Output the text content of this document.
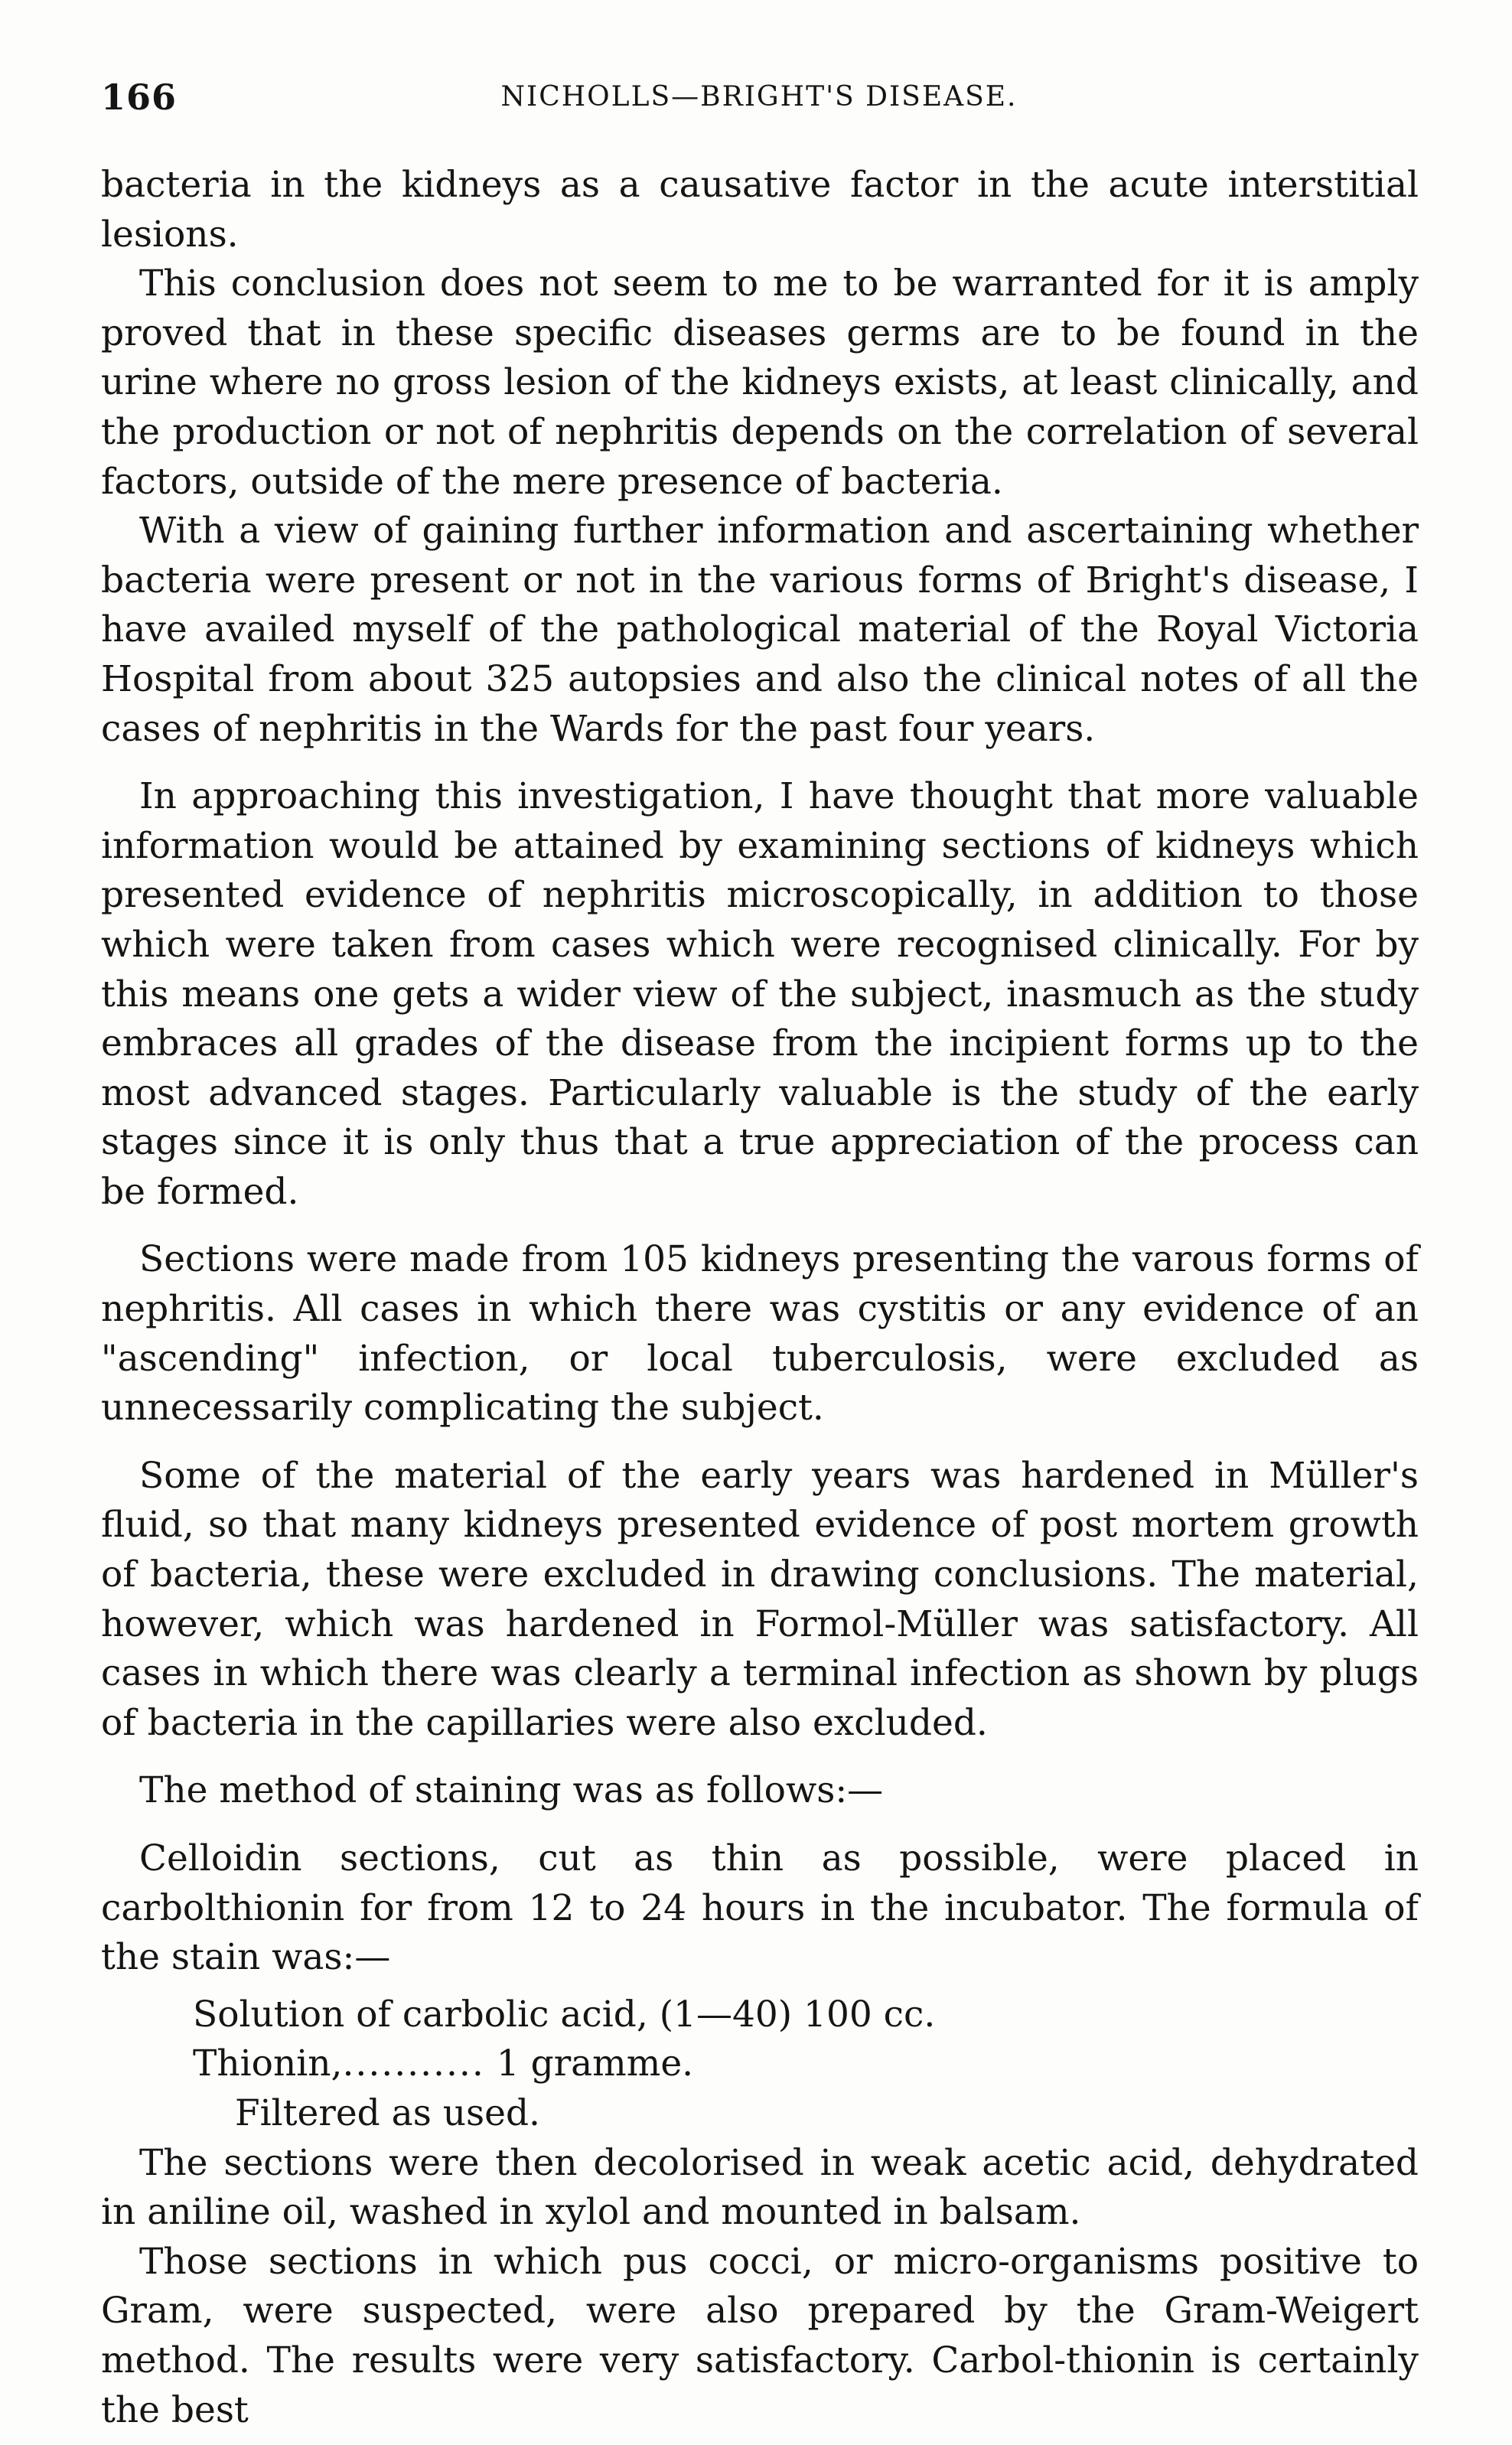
166	NICHOLLS—BRIGHT'S DISEASE.

bacteria in the kidneys as a causative factor in the acute interstitial lesions.

This conclusion does not seem to me to be warranted for it is amply proved that in these specific diseases germs are to be found in the urine where no gross lesion of the kidneys exists, at least clinically, and the production or not of nephritis depends on the correlation of several factors, outside of the mere presence of bacteria.

With a view of gaining further information and ascertaining whether bacteria were present or not in the various forms of Bright's disease, I have availed myself of the pathological material of the Royal Victoria Hospital from about 325 autopsies and also the clinical notes of all the cases of nephritis in the Wards for the past four years.

In approaching this investigation, I have thought that more valuable information would be attained by examining sections of kidneys which presented evidence of nephritis microscopically, in addition to those which were taken from cases which were recognised clinically. For by this means one gets a wider view of the subject, inasmuch as the study embraces all grades of the disease from the incipient forms up to the most advanced stages. Particularly valuable is the study of the early stages since it is only thus that a true appreciation of the process can be formed.

Sections were made from 105 kidneys presenting the varous forms of nephritis. All cases in which there was cystitis or any evidence of an "ascending" infection, or local tuberculosis, were excluded as unnecessarily complicating the subject.

Some of the material of the early years was hardened in Müller's fluid, so that many kidneys presented evidence of post mortem growth of bacteria, these were excluded in drawing conclusions. The material, however, which was hardened in Formol-Müller was satisfactory. All cases in which there was clearly a terminal infection as shown by plugs of bacteria in the capillaries were also excluded.

The method of staining was as follows:—

Celloidin sections, cut as thin as possible, were placed in carbolthionin for from 12 to 24 hours in the incubator. The formula of the stain was:—

Solution of carbolic acid, (1—40) 100 cc.
Thionin,........... 1 gramme.
Filtered as used.

The sections were then decolorised in weak acetic acid, dehydrated in aniline oil, washed in xylol and mounted in balsam.

Those sections in which pus cocci, or micro-organisms positive to Gram, were suspected, were also prepared by the Gram-Weigert method. The results were very satisfactory. Carbol-thionin is certainly the best
